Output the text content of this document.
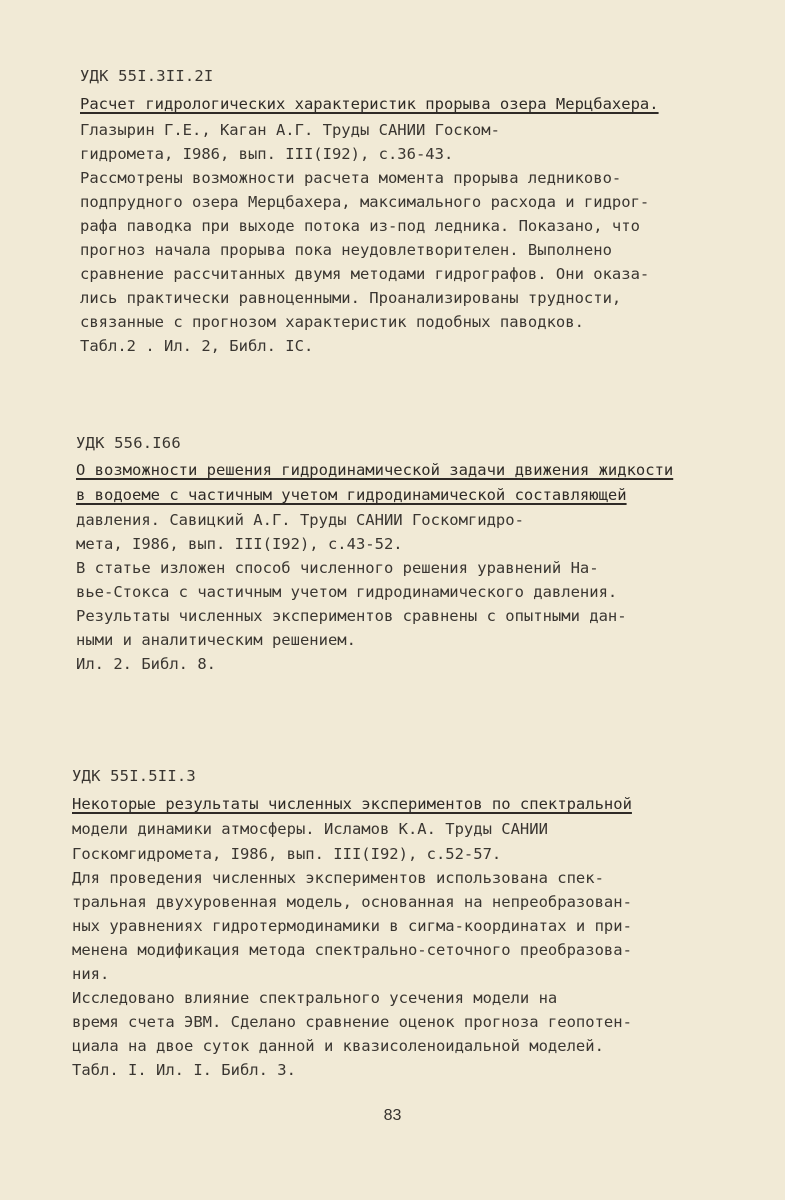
УДК 55I.3II.2I
Расчет гидрологических характеристик прорыва озера Мерцбахера.
Глазырин Г.Е., Каган А.Г. Труды САНИИ Госком-
гидромета, I986, вып. III(I92), с.36-43.
Рассмотрены возможности расчета момента прорыва ледниково-
подпрудного озера Мерцбахера, максимального расхода и гидрог-
рафа паводка при выходе потока из-под ледника. Показано, что
прогноз начала прорыва пока неудовлетворителен. Выполнено
сравнение рассчитанных двумя методами гидрографов. Они оказа-
лись практически равноценными. Проанализированы трудности,
связанные с прогнозом характеристик подобных паводков.
Табл.2 . Ил. 2, Библ. IС.
УДК 556.I66
О возможности решения гидродинамической задачи движения жидкости
в водоеме с частичным учетом гидродинамической составляющей
давления. Савицкий А.Г. Труды САНИИ Госкомгидро-
мета, I986, вып. III(I92), с.43-52.
В статье изложен способ численного решения уравнений На-
вье-Стокса с частичным учетом гидродинамического давления.
Результаты численных экспериментов сравнены с опытными дан-
ными и аналитическим решением.
Ил. 2. Библ. 8.
УДК 55I.5II.3
Некоторые результаты численных экспериментов по спектральной
модели динамики атмосферы. Исламов К.А. Труды САНИИ
Госкомгидромета, I986, вып. III(I92), с.52-57.
Для проведения численных экспериментов использована спек-
тральная двухуровенная модель, основанная на непреобразован-
ных уравнениях гидротермодинамики в сигма-координатах и при-
менена модификация метода спектрально-сеточного преобразова-
ния.
Исследовано влияние спектрального усечения модели на
время счета ЭВМ. Сделано сравнение оценок прогноза геопотен-
циала на двое суток данной и квазисоленоидальной моделей.
Табл. I. Ил. I. Библ. 3.
83
